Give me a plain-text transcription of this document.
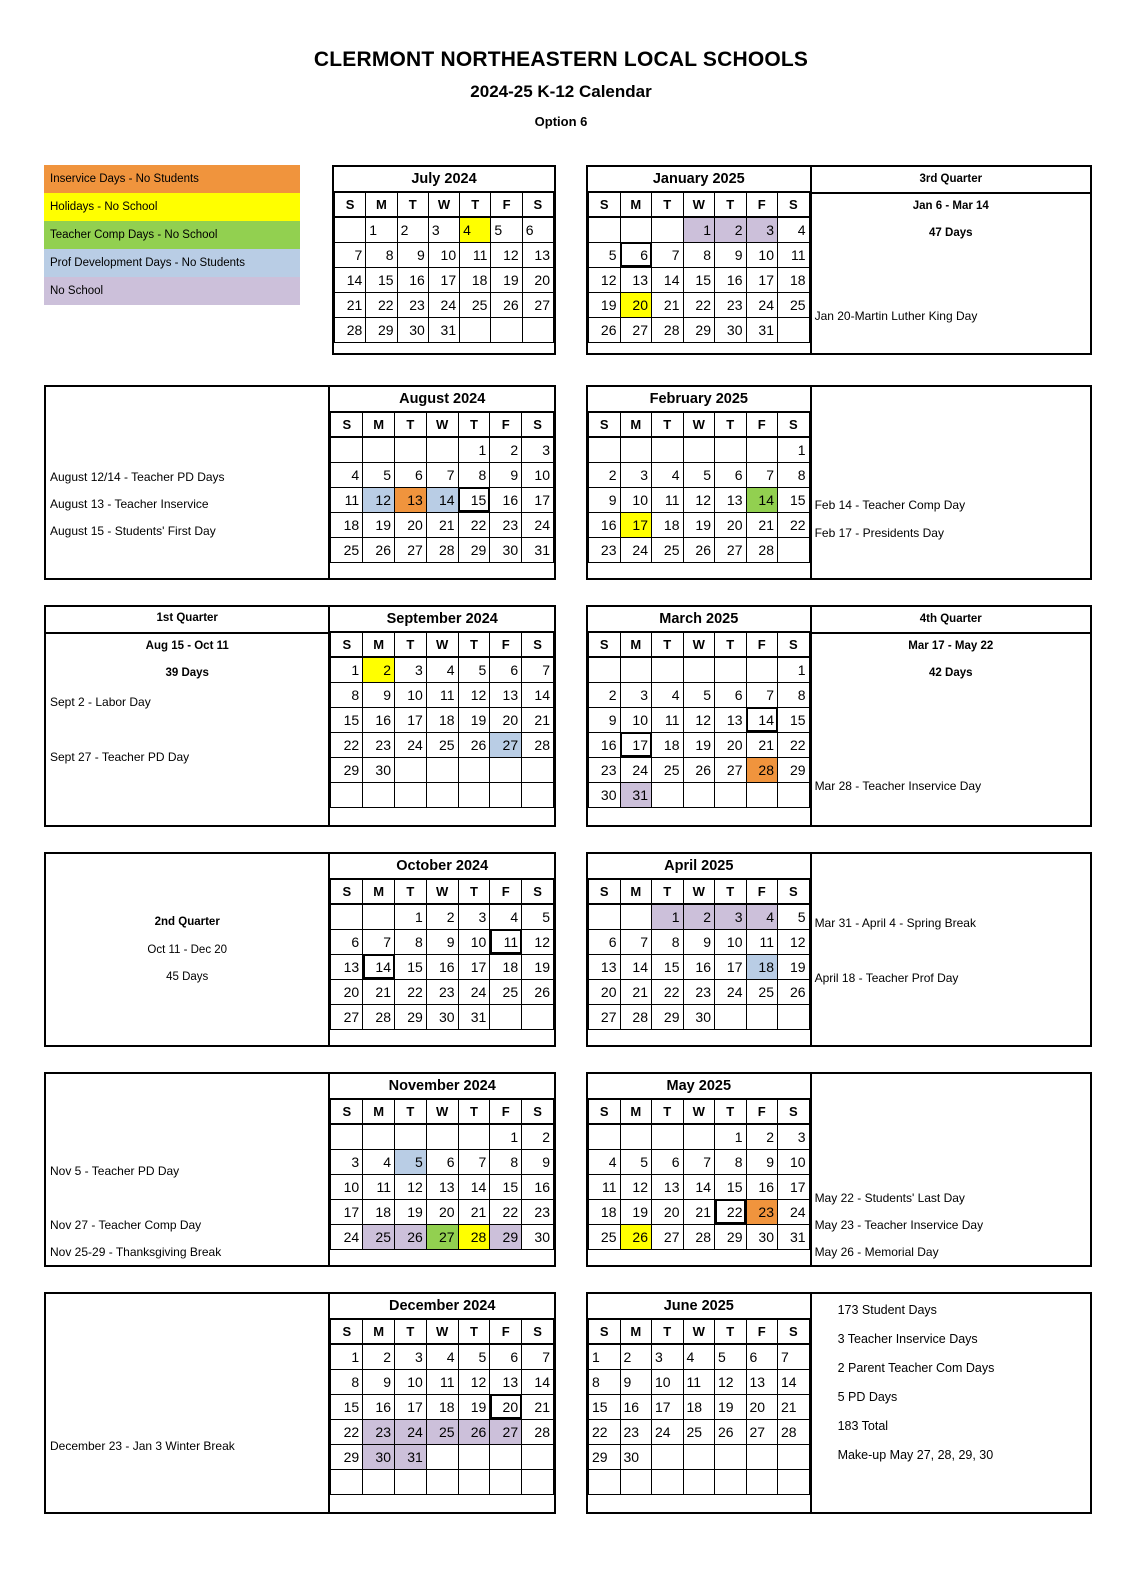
CLERMONT NORTHEASTERN LOCAL SCHOOLS
2024-25 K-12 Calendar
Option 6
Inservice Days - No Students
Holidays - No School
Teacher Comp Days - No School
Prof Development Days - No Students
No School
July 2024						
S	M	T	W	T	F	S
	1	2	3	4	5	6
7	8	9	10	11	12	13
14	15	16	17	18	19	20
21	22	23	24	25	26	27
28	29	30	31			
January 2025						
S	M	T	W	T	F	S
			1	2	3	4
5	6	7	8	9	10	11
12	13	14	15	16	17	18
19	20	21	22	23	24	25
26	27	28	29	30	31	
3rd Quarter
Jan 6 - Mar 14
47 Days
Jan 20-Martin Luther King Day
August 12/14 - Teacher PD Days
August 13 - Teacher Inservice
August 15 - Students' First Day
August 2024						
S	M	T	W	T	F	S
				1	2	3
4	5	6	7	8	9	10
11	12	13	14	15	16	17
18	19	20	21	22	23	24
25	26	27	28	29	30	31
February 2025						
S	M	T	W	T	F	S
						1
2	3	4	5	6	7	8
9	10	11	12	13	14	15
16	17	18	19	20	21	22
23	24	25	26	27	28	
Feb 14 - Teacher Comp Day
Feb 17 - Presidents Day
1st Quarter
Aug 15 - Oct 11
39 Days
Sept 2 - Labor Day
Sept 27 - Teacher PD Day
September 2024						
S	M	T	W	T	F	S
1	2	3	4	5	6	7
8	9	10	11	12	13	14
15	16	17	18	19	20	21
22	23	24	25	26	27	28
29	30					

March 2025						
S	M	T	W	T	F	S
						1
2	3	4	5	6	7	8
9	10	11	12	13	14	15
16	17	18	19	20	21	22
23	24	25	26	27	28	29
30	31					
4th Quarter
Mar 17 - May 22
42 Days
Mar 28 - Teacher Inservice Day
2nd Quarter
Oct 11 - Dec 20
45 Days
October 2024						
S	M	T	W	T	F	S
		1	2	3	4	5
6	7	8	9	10	11	12
13	14	15	16	17	18	19
20	21	22	23	24	25	26
27	28	29	30	31		
April 2025						
S	M	T	W	T	F	S
		1	2	3	4	5
6	7	8	9	10	11	12
13	14	15	16	17	18	19
20	21	22	23	24	25	26
27	28	29	30			
Mar 31 - April 4 - Spring Break
April 18 - Teacher Prof Day
Nov 5 - Teacher PD Day
Nov 27 - Teacher Comp Day
Nov 25-29 - Thanksgiving Break
November 2024						
S	M	T	W	T	F	S
					1	2
3	4	5	6	7	8	9
10	11	12	13	14	15	16
17	18	19	20	21	22	23
24	25	26	27	28	29	30
May 2025						
S	M	T	W	T	F	S
				1	2	3
4	5	6	7	8	9	10
11	12	13	14	15	16	17
18	19	20	21	22	23	24
25	26	27	28	29	30	31
May 22 - Students' Last Day
May 23 - Teacher Inservice Day
May 26 - Memorial Day
December 23 - Jan 3 Winter Break
December 2024						
S	M	T	W	T	F	S
1	2	3	4	5	6	7
8	9	10	11	12	13	14
15	16	17	18	19	20	21
22	23	24	25	26	27	28
29	30	31				

June 2025						
S	M	T	W	T	F	S
1	2	3	4	5	6	7
8	9	10	11	12	13	14
15	16	17	18	19	20	21
22	23	24	25	26	27	28
29	30					

173 Student Days
3 Teacher Inservice Days
2 Parent Teacher Com Days
5 PD Days
183 Total
Make-up May 27, 28, 29, 30
